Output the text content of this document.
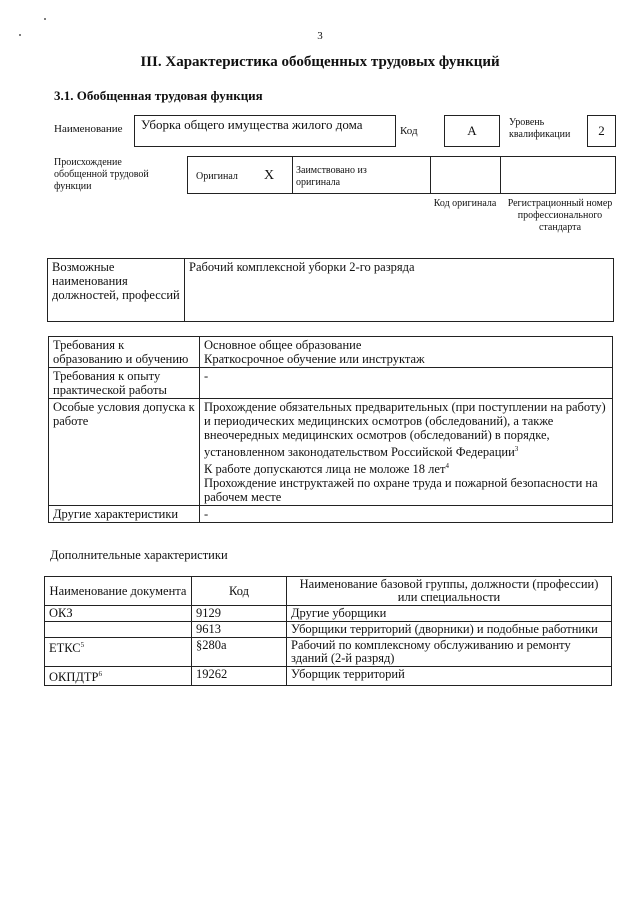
3
III. Характеристика обобщенных трудовых функций
3.1. Обобщенная трудовая функция
Наименование	Уборка общего имущества жилого дома	Код	A
Уровень квалификации	2
Происхождение обобщенной трудовой функции
Оригинал X Заимствовано из оригинала
Код оригинала	Регистрационный номер профессионального стандарта
Возможные наименования должностей, профессий	Рабочий комплексной уборки 2-го разряда
Требования к образованию и обучению	Основное общее образование
Краткосрочное обучение или инструктаж

Требования к опыту практической работы	-
Особые условия допуска к работе	Прохождение обязательных предварительных (при поступлении на работу) и периодических медицинских осмотров (обследований), а также внеочередных медицинских осмотров (обследований) в порядке, установленном законодательством Российской Федерации$^3$
К работе допускаются лица не моложе 18 лет$^4$
Прохождение инструктажей по охране труда и пожарной безопасности на рабочем месте

Другие характеристики	-
Дополнительные характеристики
Наименование документа	Код	Наименование базовой группы, должности (профессии) или специальности
ОКЗ	9129	Другие уборщики
	9613	Уборщики территорий (дворники) и подобные работники
ЕТКС$^5$	§280а	Рабочий по комплексному обслуживанию и ремонту зданий (2-й разряд)
ОКПДТР$^6$	19262	Уборщик территорий
